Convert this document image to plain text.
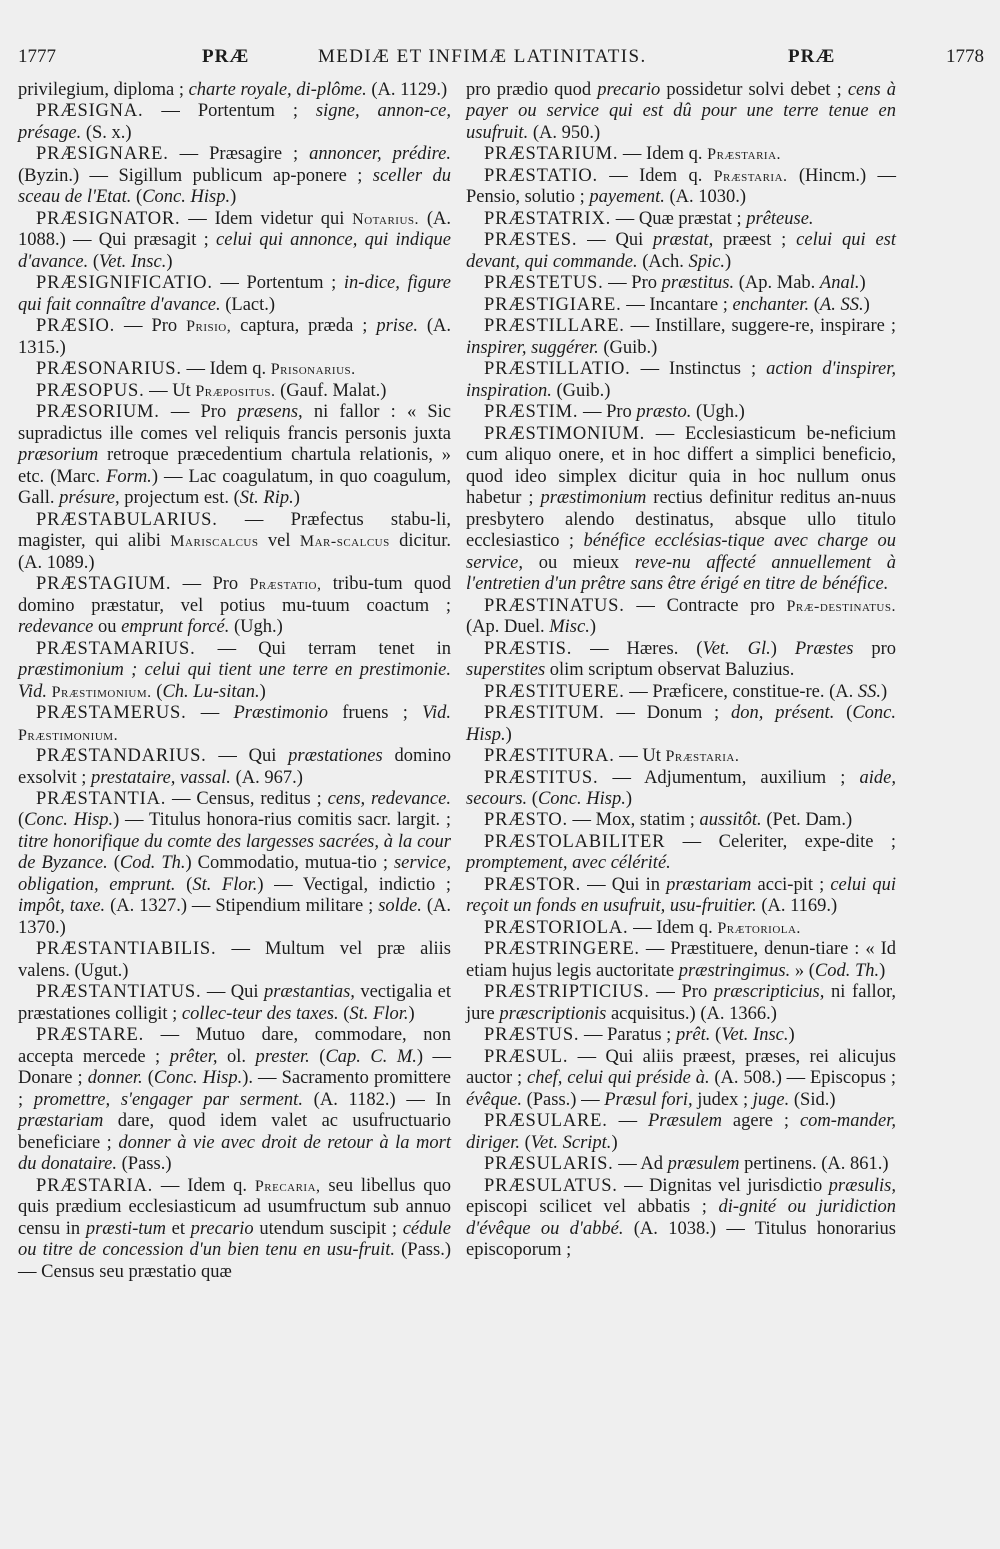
1777	PRÆ	MEDIÆ ET INFIMÆ LATINITATIS.	PRÆ	1778

privilegium, diploma ; charte royale, di-plôme. (A. 1129.)

PRÆSIGNA. — Portentum ; signe, annon-ce, présage. (S. x.)

PRÆSIGNARE. — Præsagire ; annoncer, prédire. (Byzin.) — Sigillum publicum ap-ponere ; sceller du sceau de l'Etat. (Conc. Hisp.)

PRÆSIGNATOR. — Idem videtur qui Notarius. (A. 1088.) — Qui præsagit ; celui qui annonce, qui indique d'avance. (Vet. Insc.)

PRÆSIGNIFICATIO. — Portentum ; in-dice, figure qui fait connaître d'avance. (Lact.)

PRÆSIO. — Pro Prisio, captura, præda ; prise. (A. 1315.)

PRÆSONARIUS. — Idem q. Prisonarius.

PRÆSOPUS. — Ut Præpositus. (Gauf. Malat.)

PRÆSORIUM. — Pro præsens, ni fallor : « Sic supradictus ille comes vel reliquis francis personis juxta præsorium retroque præcedentium chartula relationis, » etc. (Marc. Form.) — Lac coagulatum, in quo coagulum, Gall. présure, projectum est. (St. Rip.)

PRÆSTABULARIUS. — Præfectus stabu-li, magister, qui alibi Mariscalcus vel Mar-scalcus dicitur. (A. 1089.)

PRÆSTAGIUM. — Pro Præstatio, tribu-tum quod domino præstatur, vel potius mu-tuum coactum ; redevance ou emprunt forcé. (Ugh.)

PRÆSTAMARIUS. — Qui terram tenet in præstimonium ; celui qui tient une terre en prestimonie. Vid. Præstimonium. (Ch. Lu-sitan.)

PRÆSTAMERUS. — Præstimonio fruens ; Vid. Præstimonium.

PRÆSTANDARIUS. — Qui præstationes domino exsolvit ; prestataire, vassal. (A. 967.)

PRÆSTANTIA. — Census, reditus ; cens, redevance. (Conc. Hisp.) — Titulus honora-rius comitis sacr. largit. ; titre honorifique du comte des largesses sacrées, à la cour de Byzance. (Cod. Th.) Commodatio, mutua-tio ; service, obligation, emprunt. (St. Flor.) — Vectigal, indictio ; impôt, taxe. (A. 1327.) — Stipendium militare ; solde. (A. 1370.)

PRÆSTANTIABILIS. — Multum vel præ aliis valens. (Ugut.)

PRÆSTANTIATUS. — Qui præstantias, vectigalia et præstationes colligit ; collec-teur des taxes. (St. Flor.)

PRÆSTARE. — Mutuo dare, commodare, non accepta mercede ; prêter, ol. prester. (Cap. C. M.) — Donare ; donner. (Conc. Hisp.). — Sacramento promittere ; promettre, s'engager par serment. (A. 1182.) — In præstariam dare, quod idem valet ac usufructuario beneficiare ; donner à vie avec droit de retour à la mort du donataire. (Pass.)

PRÆSTARIA. — Idem q. Precaria, seu libellus quo quis prædium ecclesiasticum ad usumfructum sub annuo censu in præsti-tum et precario utendum suscipit ; cédule ou titre de concession d'un bien tenu en usu-fruit. (Pass.) — Census seu præstatio quæ

pro prædio quod precario possidetur solvi debet ; cens à payer ou service qui est dû pour une terre tenue en usufruit. (A. 950.)

PRÆSTARIUM. — Idem q. Præstaria.

PRÆSTATIO. — Idem q. Præstaria. (Hincm.) — Pensio, solutio ; payement. (A. 1030.)

PRÆSTATRIX. — Quæ præstat ; prêteuse.

PRÆSTES. — Qui præstat, præest ; celui qui est devant, qui commande. (Ach. Spic.)

PRÆSTETUS. — Pro præstitus. (Ap. Mab. Anal.)

PRÆSTIGIARE. — Incantare ; enchanter. (A. SS.)

PRÆSTILLARE. — Instillare, suggere-re, inspirare ; inspirer, suggérer. (Guib.)

PRÆSTILLATIO. — Instinctus ; action d'inspirer, inspiration. (Guib.)

PRÆSTIM. — Pro præsto. (Ugh.)

PRÆSTIMONIUM. — Ecclesiasticum be-neficium cum aliquo onere, et in hoc differt a simplici beneficio, quod ideo simplex dicitur quia in hoc nullum onus habetur ; præstimonium rectius definitur reditus an-nuus presbytero alendo destinatus, absque ullo titulo ecclesiastico ; bénéfice ecclésias-tique avec charge ou service, ou mieux reve-nu affecté annuellement à l'entretien d'un prêtre sans être érigé en titre de bénéfice.

PRÆSTINATUS. — Contracte pro Præ-destinatus. (Ap. Duel. Misc.)

PRÆSTIS. — Hæres. (Vet. Gl.) Præstes pro superstites olim scriptum observat Baluzius.

PRÆSTITUERE. — Præficere, constitue-re. (A. SS.)

PRÆSTITUM. — Donum ; don, présent. (Conc. Hisp.)

PRÆSTITURA. — Ut Præstaria.

PRÆSTITUS. — Adjumentum, auxilium ; aide, secours. (Conc. Hisp.)

PRÆSTO. — Mox, statim ; aussitôt. (Pet. Dam.)

PRÆSTOLABILITER — Celeriter, expe-dite ; promptement, avec célérité.

PRÆSTOR. — Qui in præstariam acci-pit ; celui qui reçoit un fonds en usufruit, usu-fruitier. (A. 1169.)

PRÆSTORIOLA. — Idem q. Prætoriola.

PRÆSTRINGERE. — Præstituere, denun-tiare : « Id etiam hujus legis auctoritate præstringimus. » (Cod. Th.)

PRÆSTRIPTICIUS. — Pro præscripticius, ni fallor, jure præscriptionis acquisitus.) (A. 1366.)

PRÆSTUS. — Paratus ; prêt. (Vet. Insc.)

PRÆSUL. — Qui aliis præest, præses, rei alicujus auctor ; chef, celui qui préside à. (A. 508.) — Episcopus ; évêque. (Pass.) — Præsul fori, judex ; juge. (Sid.)

PRÆSULARE. — Præsulem agere ; com-mander, diriger. (Vet. Script.)

PRÆSULARIS. — Ad præsulem pertinens. (A. 861.)

PRÆSULATUS. — Dignitas vel jurisdictio præsulis, episcopi scilicet vel abbatis ; di-gnité ou juridiction d'évêque ou d'abbé. (A. 1038.) — Titulus honorarius episcoporum ;
